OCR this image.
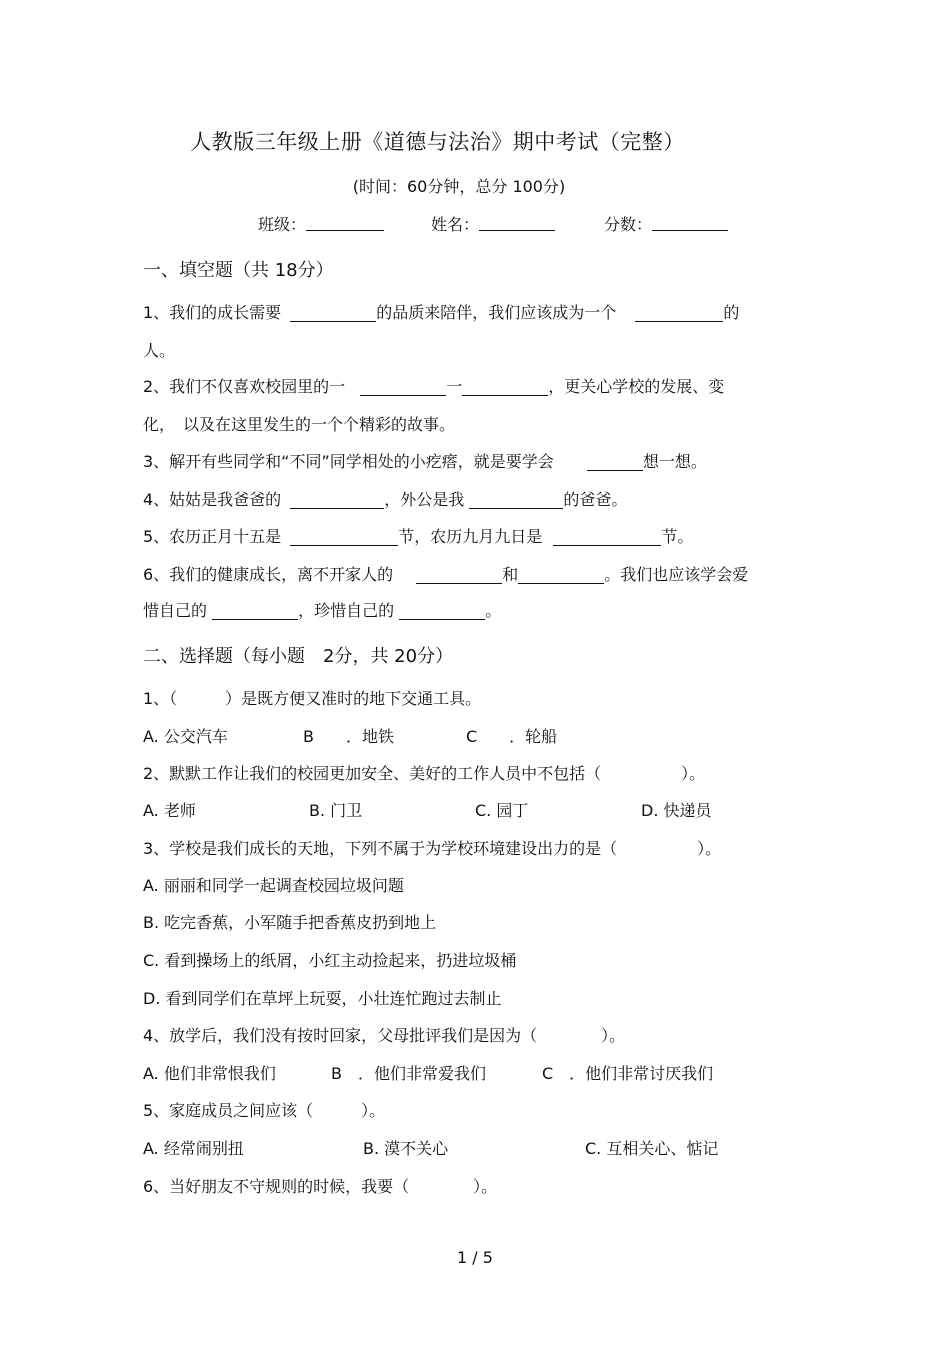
人教版三年级上册《道德与法治》期中考试（完整）
(时间：60分钟，总分 100分)
班级：	姓名：	分数：
一、填空题（共 18分）
1、我们的成长需要	的品质来陪伴，我们应该成为一个	的
人。
2、我们不仅喜欢校园里的一	一	，更关心学校的发展、变
化，　以及在这里发生的一个个精彩的故事。
3、解开有些同学和“不同”同学相处的小疙瘩，就是要学会	想一想。
4、姑姑是我爸爸的	，外公是我	的爸爸。
5、农历正月十五是	节，农历九月九日是	节。
6、我们的健康成长，离不开家人的	和	。我们也应该学会爱
惜自己的	，珍惜自己的	。
二、选择题（每小题　2分，共 20分）
1、（　　　）是既方便又准时的地下交通工具。
A. 公交汽车	B　　．地铁	C　　．轮船
2、默默工作让我们的校园更加安全、美好的工作人员中不包括（　　　　　）。
A. 老师	B. 门卫	C. 园丁	D. 快递员
3、学校是我们成长的天地，下列不属于为学校环境建设出力的是（　　　　　）。
A. 丽丽和同学一起调查校园垃圾问题
B. 吃完香蕉，小军随手把香蕉皮扔到地上
C. 看到操场上的纸屑，小红主动捡起来，扔进垃圾桶
D. 看到同学们在草坪上玩耍，小壮连忙跑过去制止
4、放学后，我们没有按时回家，父母批评我们是因为（　　　　）。
A. 他们非常恨我们	B　．他们非常爱我们	C　．他们非常讨厌我们
5、家庭成员之间应该（　　　）。
A. 经常闹别扭	B. 漠不关心	C. 互相关心、惦记
6、当好朋友不守规则的时候，我要（　　　　）。
1 / 5
